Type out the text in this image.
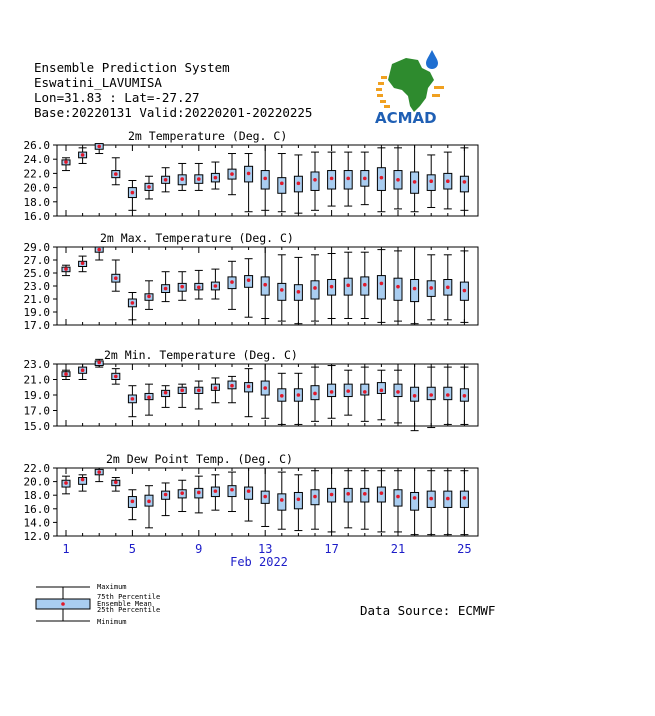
Ensemble Prediction System
Eswatini_LAVUMISA
Lon=31.83 : Lat=-27.27
Base:20220131 Valid:20220201-20220225	ACMAD
2m Temperature (Deg. C)
16.0
18.0
20.0
22.0
24.0
26.0
2m Max. Temperature (Deg. C)
17.0
19.0
21.0
23.0
25.0
27.0
29.0
2m Min. Temperature (Deg. C)
15.0
17.0
19.0
21.0
23.0
2m Dew Point Temp. (Deg. C)
12.0
14.0
16.0
18.0
20.0
22.0
1	5	9	13	17	21	25
Feb 2022
Maximum
75th Percentile
Ensemble Mean
25th Percentile
Minimum
Data Source: ECMWF
